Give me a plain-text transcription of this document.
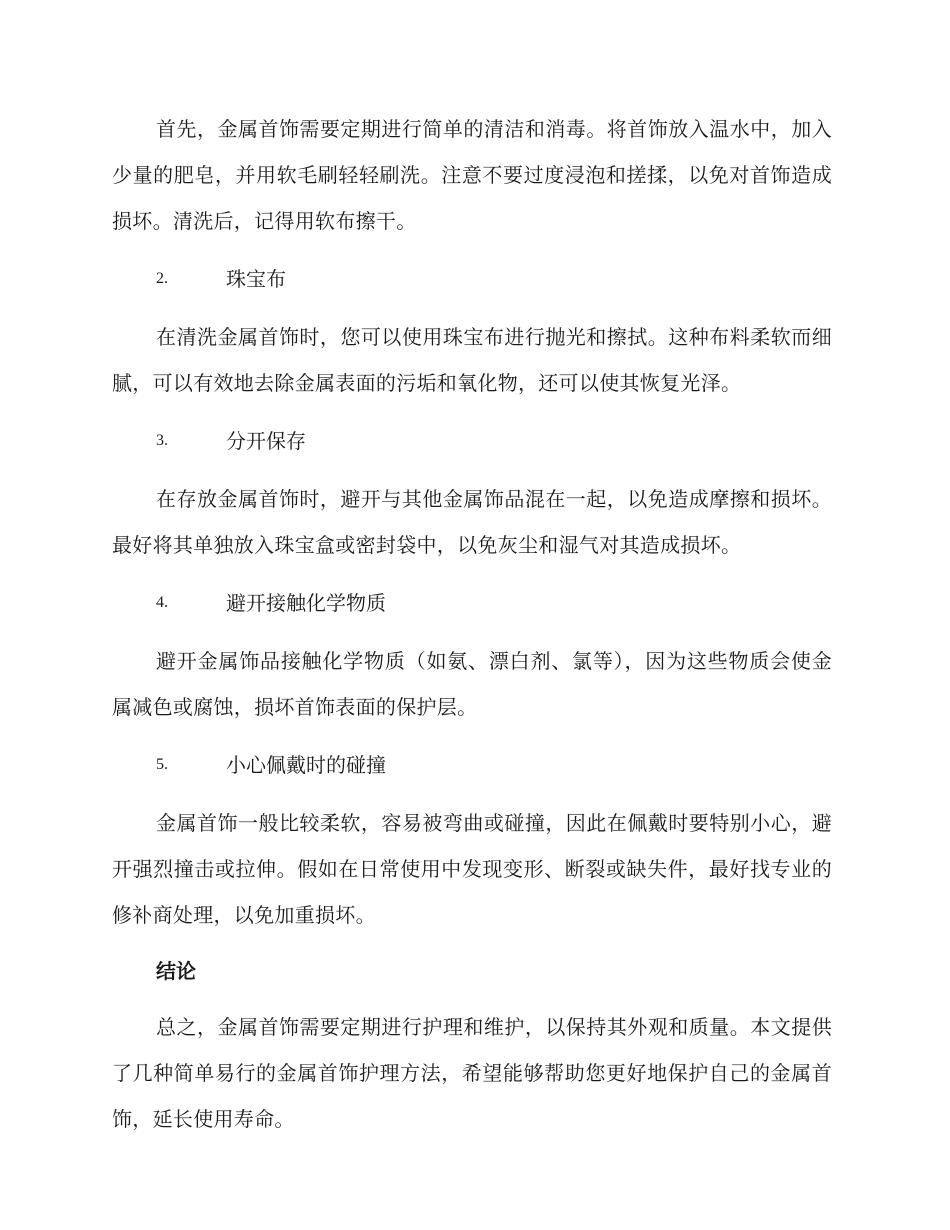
首先，金属首饰需要定期进行简单的清洁和消毒。将首饰放入温水中，加入少量的肥皂，并用软毛刷轻轻刷洗。注意不要过度浸泡和搓揉，以免对首饰造成损坏。清洗后，记得用软布擦干。

2.	珠宝布

在清洗金属首饰时，您可以使用珠宝布进行抛光和擦拭。这种布料柔软而细腻，可以有效地去除金属表面的污垢和氧化物，还可以使其恢复光泽。

3.	分开保存

在存放金属首饰时，避开与其他金属饰品混在一起，以免造成摩擦和损坏。最好将其单独放入珠宝盒或密封袋中，以免灰尘和湿气对其造成损坏。

4.	避开接触化学物质

避开金属饰品接触化学物质（如氨、漂白剂、氯等），因为这些物质会使金属减色或腐蚀，损坏首饰表面的保护层。

5.	小心佩戴时的碰撞

金属首饰一般比较柔软，容易被弯曲或碰撞，因此在佩戴时要特别小心，避开强烈撞击或拉伸。假如在日常使用中发现变形、断裂或缺失件，最好找专业的修补商处理，以免加重损坏。

结论

总之，金属首饰需要定期进行护理和维护，以保持其外观和质量。本文提供了几种简单易行的金属首饰护理方法，希望能够帮助您更好地保护自己的金属首饰，延长使用寿命。
